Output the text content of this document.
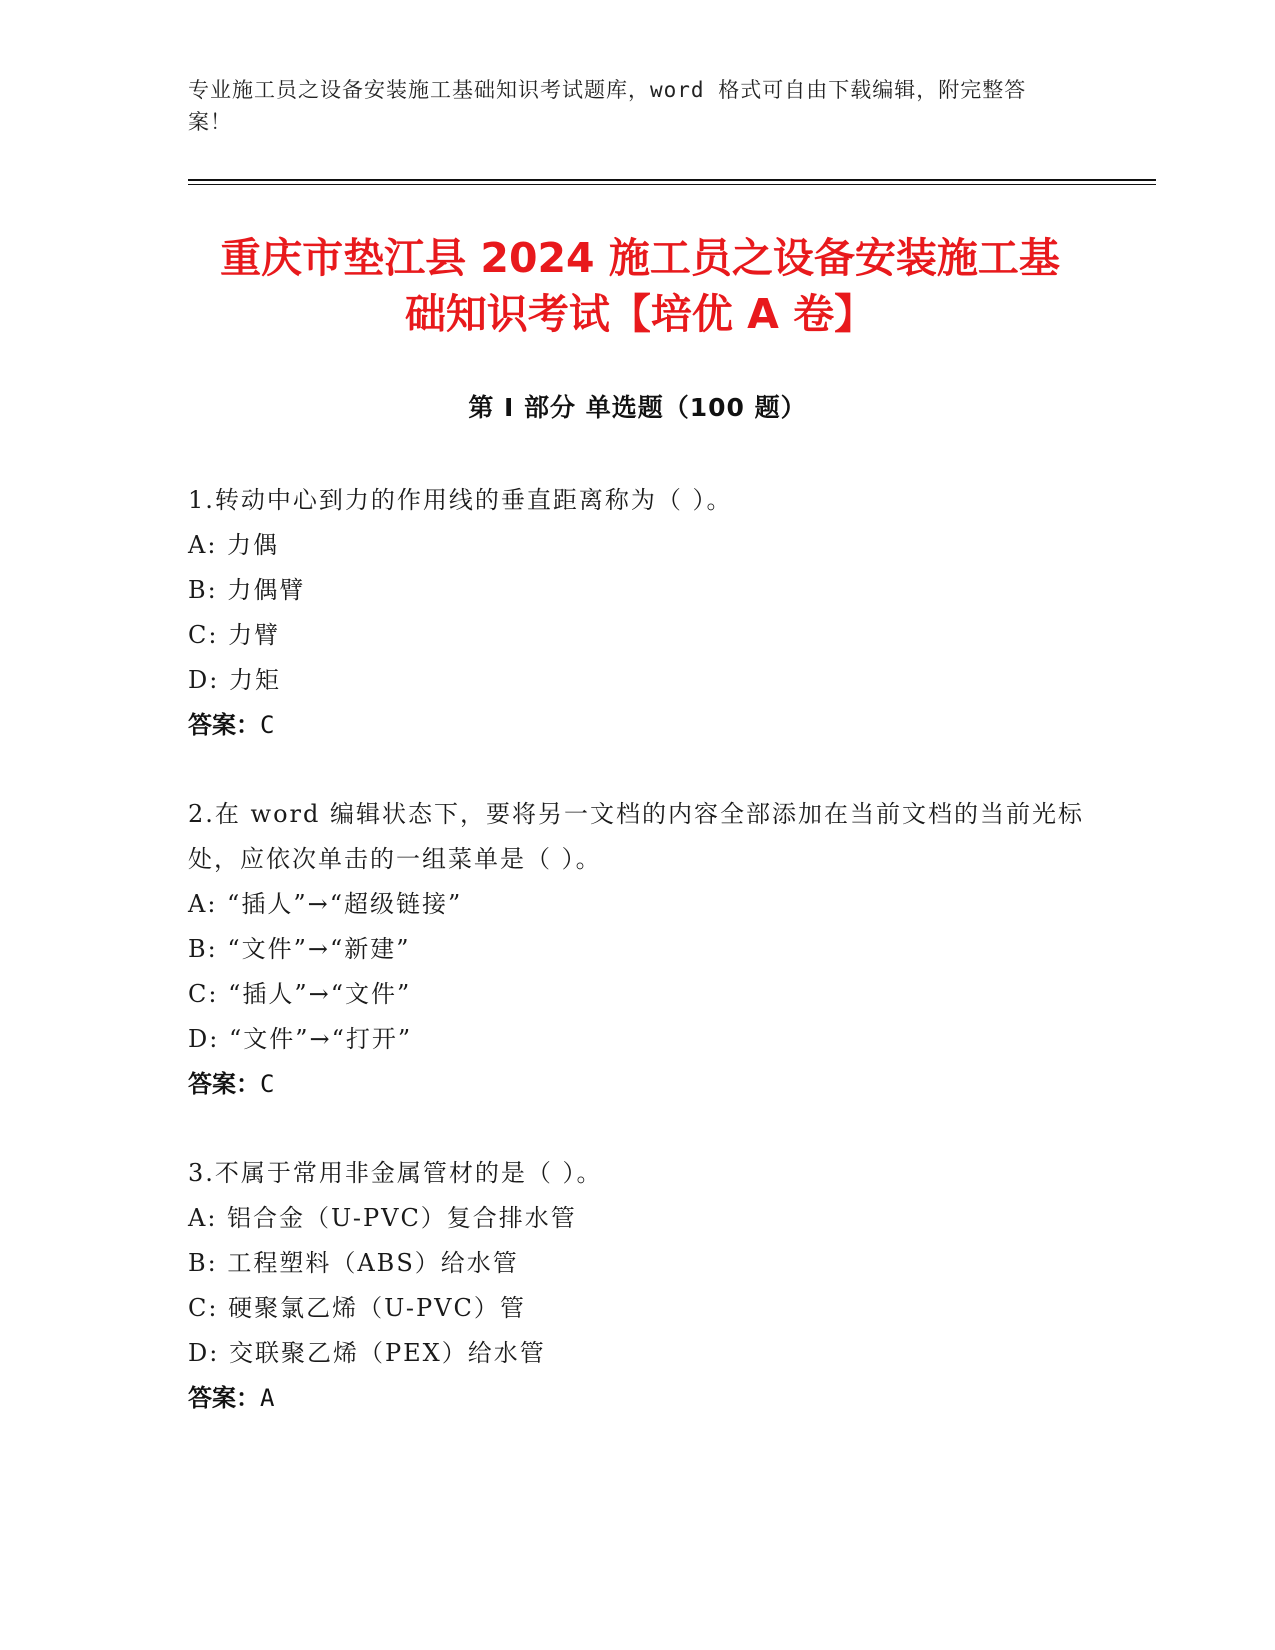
专业施工员之设备安装施工基础知识考试题库，word 格式可自由下载编辑，附完整答案！
重庆市垫江县 2024 施工员之设备安装施工基
础知识考试【培优 A 卷】
第 I 部分 单选题（100 题）
1.转动中心到力的作用线的垂直距离称为（ ）。
A: 力偶
B: 力偶臂
C: 力臂
D: 力矩
答案：C
2.在 word 编辑状态下，要将另一文档的内容全部添加在当前文档的当前光标处，应依次单击的一组菜单是（ ）。
A: “插人”→“超级链接”
B: “文件”→“新建”
C: “插人”→“文件”
D: “文件”→“打开”
答案：C
3.不属于常用非金属管材的是（ ）。
A: 铝合金（U-PVC）复合排水管
B: 工程塑料（ABS）给水管
C: 硬聚氯乙烯（U-PVC）管
D: 交联聚乙烯（PEX）给水管
答案：A
